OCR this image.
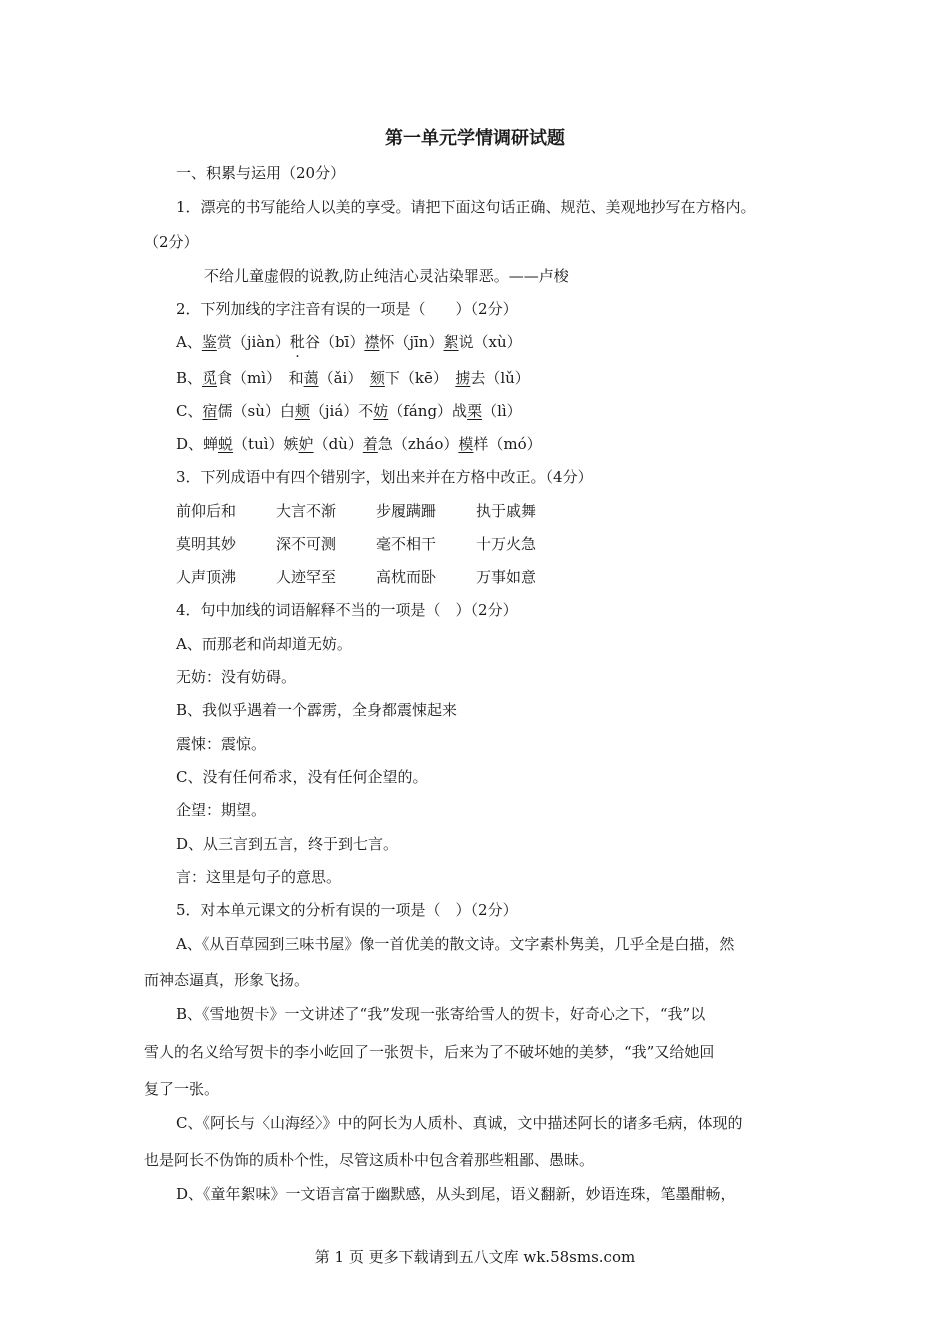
第一单元学情调研试题
一、积累与运用（20分）
1．漂亮的书写能给人以美的享受。请把下面这句话正确、规范、美观地抄写在方格内。
（2分）
不给儿童虚假的说教,防止纯洁心灵沾染罪恶。——卢梭
2．下列加线的字注音有误的一项是（　　）（2分）
A、鉴赏（jiàn）秕谷（bī）襟怀（jīn）絮说（xù）
B、觅食（mì）　和蔼（ǎi）　颏下（kē）　掳去（lǔ）
C、宿儒（sù）白颊（jiá）不妨（fáng）战栗（lì）
D、蝉蜕（tuì）嫉妒（dù）着急（zháo）模样（mó）
3．下列成语中有四个错别字，划出来并在方格中改正。（4分）
前仰后和	大言不渐	步履蹒跚	执于戚舞
莫明其妙	深不可测	毫不相干	十万火急
人声顶沸	人迹罕至	高枕而卧	万事如意
4．句中加线的词语解释不当的一项是（　）（2分）
A、而那老和尚却道无妨。
无妨：没有妨碍。
B、我似乎遇着一个霹雳，全身都震悚起来
震悚：震惊。
C、没有任何希求，没有任何企望的。
企望：期望。
D、从三言到五言，终于到七言。
言：这里是句子的意思。
5．对本单元课文的分析有误的一项是（　）（2分）
A、《从百草园到三味书屋》像一首优美的散文诗。文字素朴隽美，几乎全是白描，然
而神态逼真，形象飞扬。
B、《雪地贺卡》一文讲述了“我”发现一张寄给雪人的贺卡，好奇心之下，“我”以
雪人的名义给写贺卡的李小屹回了一张贺卡，后来为了不破坏她的美梦，“我”又给她回
复了一张。
C、《阿长与〈山海经〉》中的阿长为人质朴、真诚，文中描述阿长的诸多毛病，体现的
也是阿长不伪饰的质朴个性，尽管这质朴中包含着那些粗鄙、愚昧。
D、《童年絮味》一文语言富于幽默感，从头到尾，语义翻新，妙语连珠，笔墨酣畅，
第 1 页 更多下载请到五八文库 wk.58sms.com
